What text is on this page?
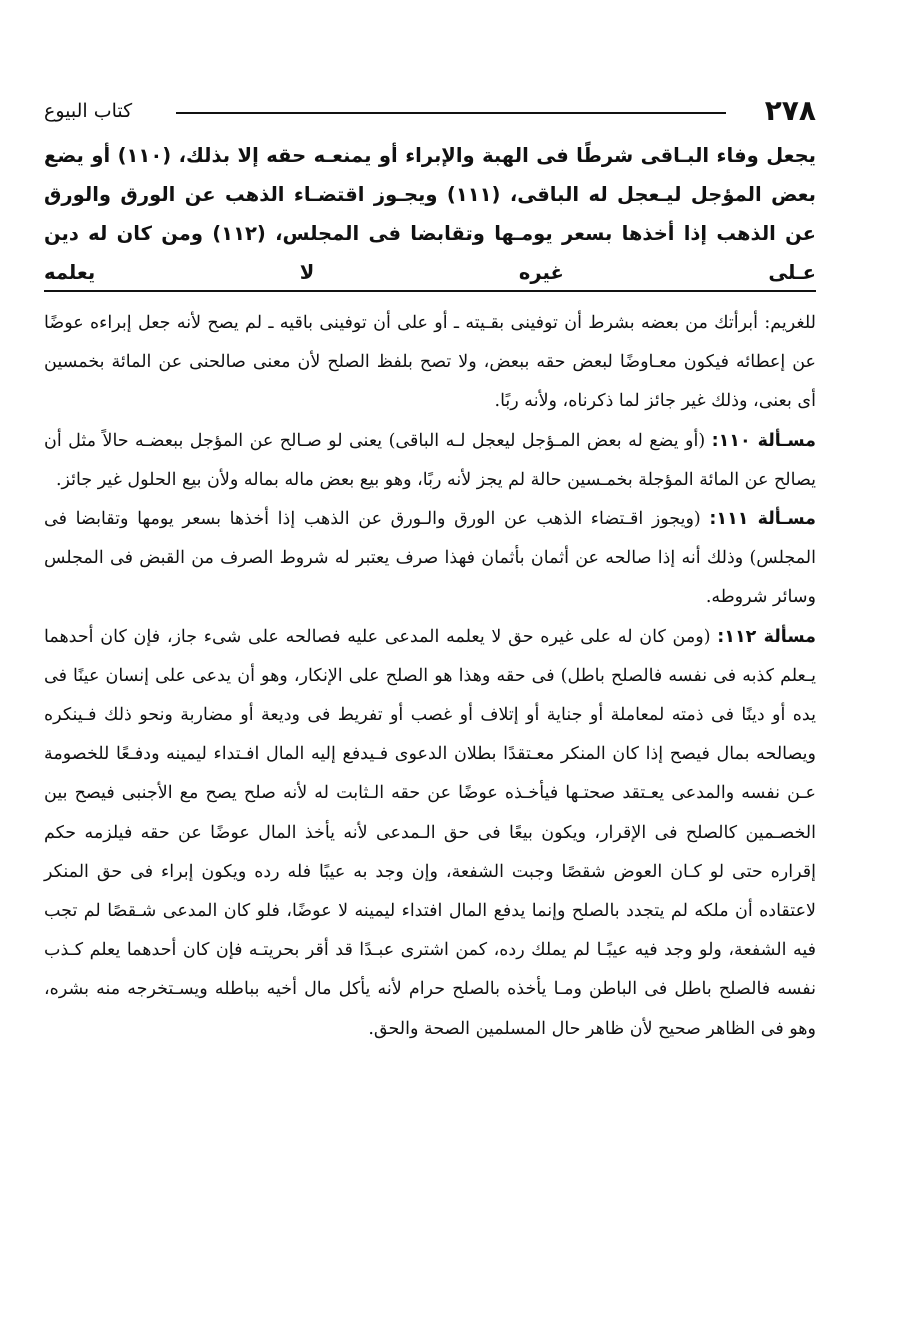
٢٧٨
كتاب البيوع

يجعل وفاء البـاقى شرطًا فى الهبة والإبراء أو يمنعـه حقه إلا بذلك، (١١٠) أو يضع بعض المؤجل ليـعجل له الباقى، (١١١) ويجـوز اقتضـاء الذهب عن الورق والورق عن الذهب إذا أخذها بسعر يومـها وتقابضا فى المجلس، (١١٢) ومن كان له دين عـلى غيره لا يعلمه

للغريم: أبرأتك من بعضه بشرط أن توفينى بقـيته ـ أو على أن توفينى باقيه ـ لم يصح لأنه جعل إبراءه عوضًا عن إعطائه فيكون معـاوضًا لبعض حقه ببعض، ولا تصح بلفظ الصلح لأن معنى صالحنى عن المائة بخمسين أى بعنى، وذلك غير جائز لما ذكرناه، ولأنه ربًا.

مسـألة ١١٠: (أو يضع له بعض المـؤجل ليعجل لـه الباقى) يعنى لو صـالح عن المؤجل ببعضـه حالاً مثل أن يصالح عن المائة المؤجلة بخمـسين حالة لم يجز لأنه ربًا، وهو بيع بعض ماله بماله ولأن بيع الحلول غير جائز.

مسـألة ١١١: (ويجوز اقـتضاء الذهب عن الورق والـورق عن الذهب إذا أخذها بسعر يومها وتقابضا فى المجلس) وذلك أنه إذا صالحه عن أثمان بأثمان فهذا صرف يعتبر له شروط الصرف من القبض فى المجلس وسائر شروطه.

مسألة ١١٢: (ومن كان له على غيره حق لا يعلمه المدعى عليه فصالحه على شىء جاز، فإن كان أحدهما يـعلم كذبه فى نفسه فالصلح باطل) فى حقه وهذا هو الصلح على الإنكار، وهو أن يدعى على إنسان عينًا فى يده أو دينًا فى ذمته لمعاملة أو جناية أو إتلاف أو غصب أو تفريط فى وديعة أو مضاربة ونحو ذلك فـينكره ويصالحه بمال فيصح إذا كان المنكر معـتقدًا بطلان الدعوى فـيدفع إليه المال افـتداء ليمينه ودفـعًا للخصومة عـن نفسه والمدعى يعـتقد صحتـها فيأخـذه عوضًا عن حقه الـثابت له لأنه صلح يصح مع الأجنبى فيصح بين الخصـمين كالصلح فى الإقرار، ويكون بيعًا فى حق الـمدعى لأنه يأخذ المال عوضًا عن حقه فيلزمه حكم إقراره حتى لو كـان العوض شقصًا وجبت الشفعة، وإن وجد به عيبًا فله رده ويكون إبراء فى حق المنكر لاعتقاده أن ملكه لم يتجدد بالصلح وإنما يدفع المال افتداء ليمينه لا عوضًا، فلو كان المدعى شـقصًا لم تجب فيه الشفعة، ولو وجد فيه عيبًـا لم يملك رده، كمن اشترى عبـدًا قد أقر بحريتـه فإن كان أحدهما يعلم كـذب نفسه فالصلح باطل فى الباطن ومـا يأخذه بالصلح حرام لأنه يأكل مال أخيه بباطله ويسـتخرجه منه بشره، وهو فى الظاهر صحيح لأن ظاهر حال المسلمين الصحة والحق.
